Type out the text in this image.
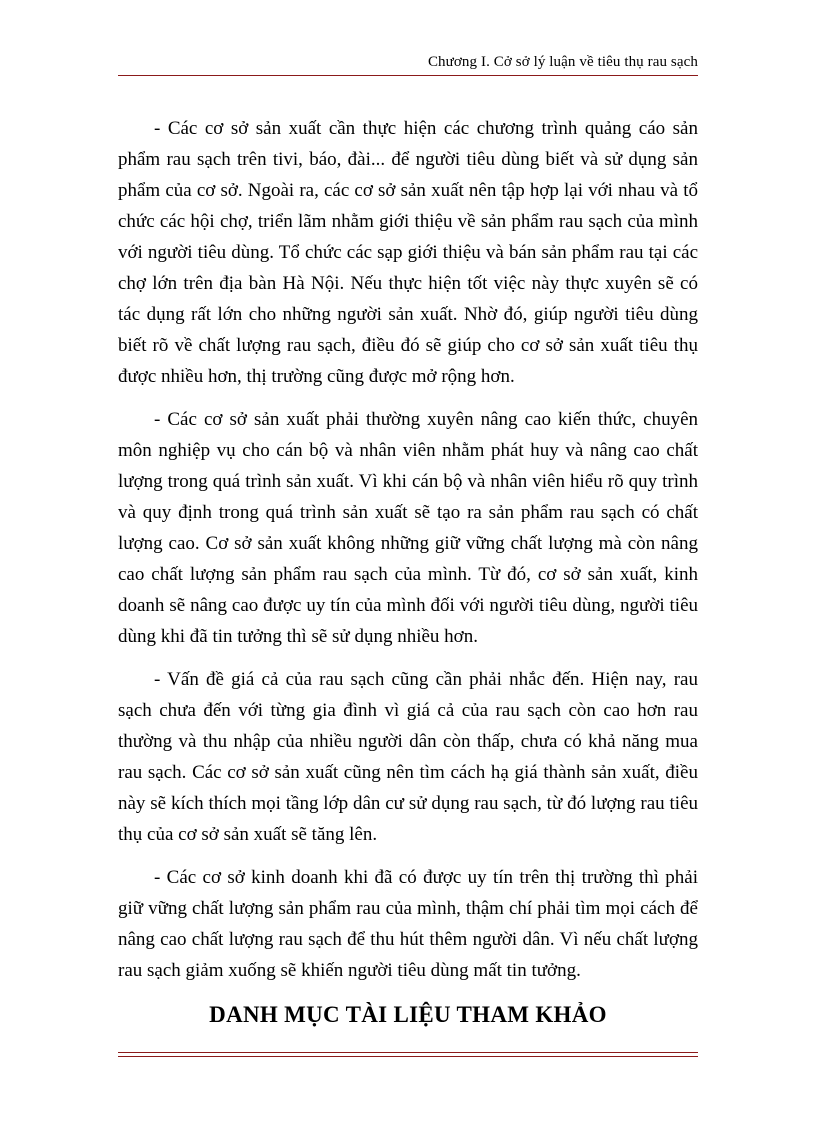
Chương I. Cở sở lý luận về tiêu thụ rau sạch

- Các cơ sở sản xuất cần thực hiện các chương trình quảng cáo sản phẩm rau sạch trên tivi, báo, đài... để người tiêu dùng biết và sử dụng sản phẩm của cơ sở. Ngoài ra, các cơ sở sản xuất nên tập hợp lại với nhau và tổ chức các hội chợ, triển lãm nhằm giới thiệu về sản phẩm rau sạch của mình với người tiêu dùng. Tổ chức các sạp giới thiệu và bán sản phẩm rau tại các chợ lớn trên địa bàn Hà Nội. Nếu thực hiện tốt việc này thực xuyên sẽ có tác dụng rất lớn cho những người sản xuất. Nhờ đó, giúp người tiêu dùng biết rõ về chất lượng rau sạch, điều đó sẽ giúp cho cơ sở sản xuất tiêu thụ được nhiều hơn, thị trường cũng được mở rộng hơn.

- Các cơ sở sản xuất phải thường xuyên nâng cao kiến thức, chuyên môn nghiệp vụ cho cán bộ và nhân viên nhằm phát huy và nâng cao chất lượng trong quá trình sản xuất. Vì khi cán bộ và nhân viên hiểu rõ quy trình và quy định trong quá trình sản xuất sẽ tạo ra sản phẩm rau sạch có chất lượng cao. Cơ sở sản xuất không những giữ vững chất lượng mà còn nâng cao chất lượng sản phẩm rau sạch của mình. Từ đó, cơ sở sản xuất, kinh doanh sẽ nâng cao được uy tín của mình đối với người tiêu dùng, người tiêu dùng khi đã tin tưởng thì sẽ sử dụng nhiều hơn.

- Vấn đề giá cả của rau sạch cũng cần phải nhắc đến. Hiện nay, rau sạch chưa đến với từng gia đình vì giá cả của rau sạch còn cao hơn rau thường và thu nhập của nhiều người dân còn thấp, chưa có khả năng mua rau sạch. Các cơ sở sản xuất cũng nên tìm cách hạ giá thành sản xuất, điều này sẽ kích thích mọi tầng lớp dân cư sử dụng rau sạch, từ đó lượng rau tiêu thụ của cơ sở sản xuất sẽ tăng lên.

- Các cơ sở kinh doanh khi đã có được uy tín trên thị trường thì phải giữ vững chất lượng sản phẩm rau của mình, thậm chí phải tìm mọi cách để nâng cao chất lượng rau sạch để thu hút thêm người dân. Vì nếu chất lượng rau sạch giảm xuống sẽ khiến người tiêu dùng mất tin tưởng.

DANH MỤC TÀI LIỆU THAM KHẢO
